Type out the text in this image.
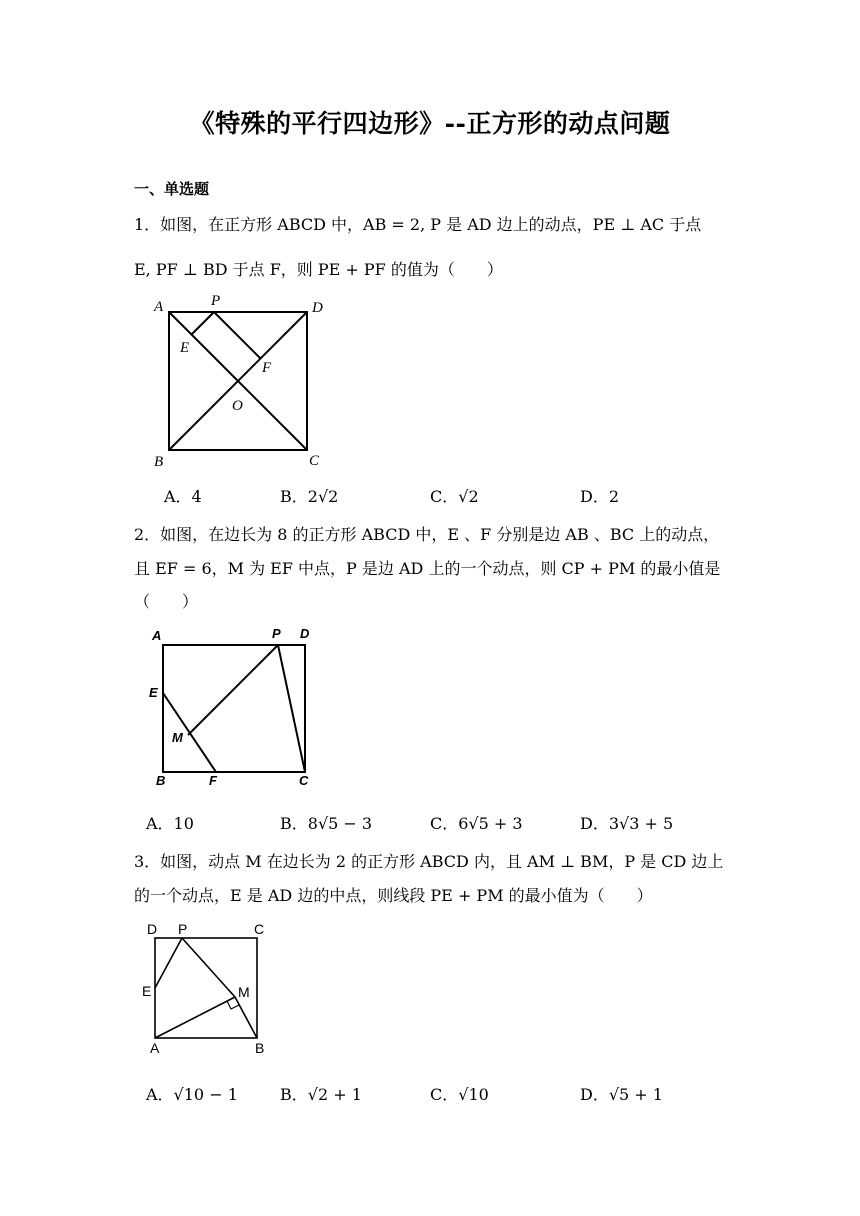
《特殊的平行四边形》--正方形的动点问题
一、单选题
1．如图，在正方形 ABCD 中，AB = 2, P 是 AD 边上的动点，PE ⊥ AC 于点
E, PF ⊥ BD 于点 F，则 PE + PF 的值为（　　）
A	P	D
E
F
O
B	C
A．4	B．2√2	C．√2	D．2
2．如图，在边长为 8 的正方形 ABCD 中，E 、F 分别是边 AB 、BC 上的动点，
且 EF = 6，M 为 EF 中点，P 是边 AD 上的一个动点，则 CP + PM 的最小值是
（　　）
A	P D
E
M
B	F	C
A．10	B．8√5 − 3	C．6√5 + 3	D．3√3 + 5
3．如图，动点 M 在边长为 2 的正方形 ABCD 内，且 AM ⊥ BM，P 是 CD 边上
的一个动点，E 是 AD 边的中点，则线段 PE + PM 的最小值为（　　）
D P	C
E	M
A	B
A．√10 − 1	B．√2 + 1	C．√10	D．√5 + 1
